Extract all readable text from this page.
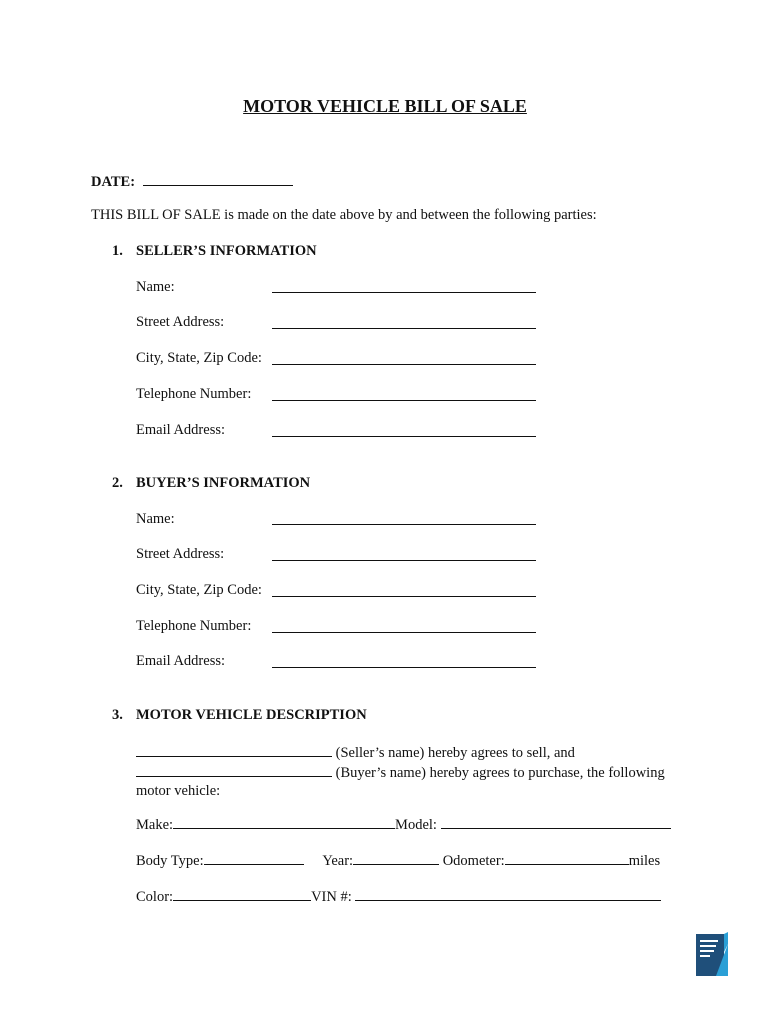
MOTOR VEHICLE BILL OF SALE
DATE:
THIS BILL OF SALE is made on the date above by and between the following parties:
1. SELLER’S INFORMATION
Name:
Street Address:
City, State, Zip Code:
Telephone Number:
Email Address:
2. BUYER’S INFORMATION
Name:
Street Address:
City, State, Zip Code:
Telephone Number:
Email Address:
3. MOTOR VEHICLE DESCRIPTION
(Seller’s name) hereby agrees to sell, and
(Buyer’s name) hereby agrees to purchase, the following
motor vehicle:
Make:	Model:
Body Type:	Year:	Odometer:	miles
Color:	VIN #:
